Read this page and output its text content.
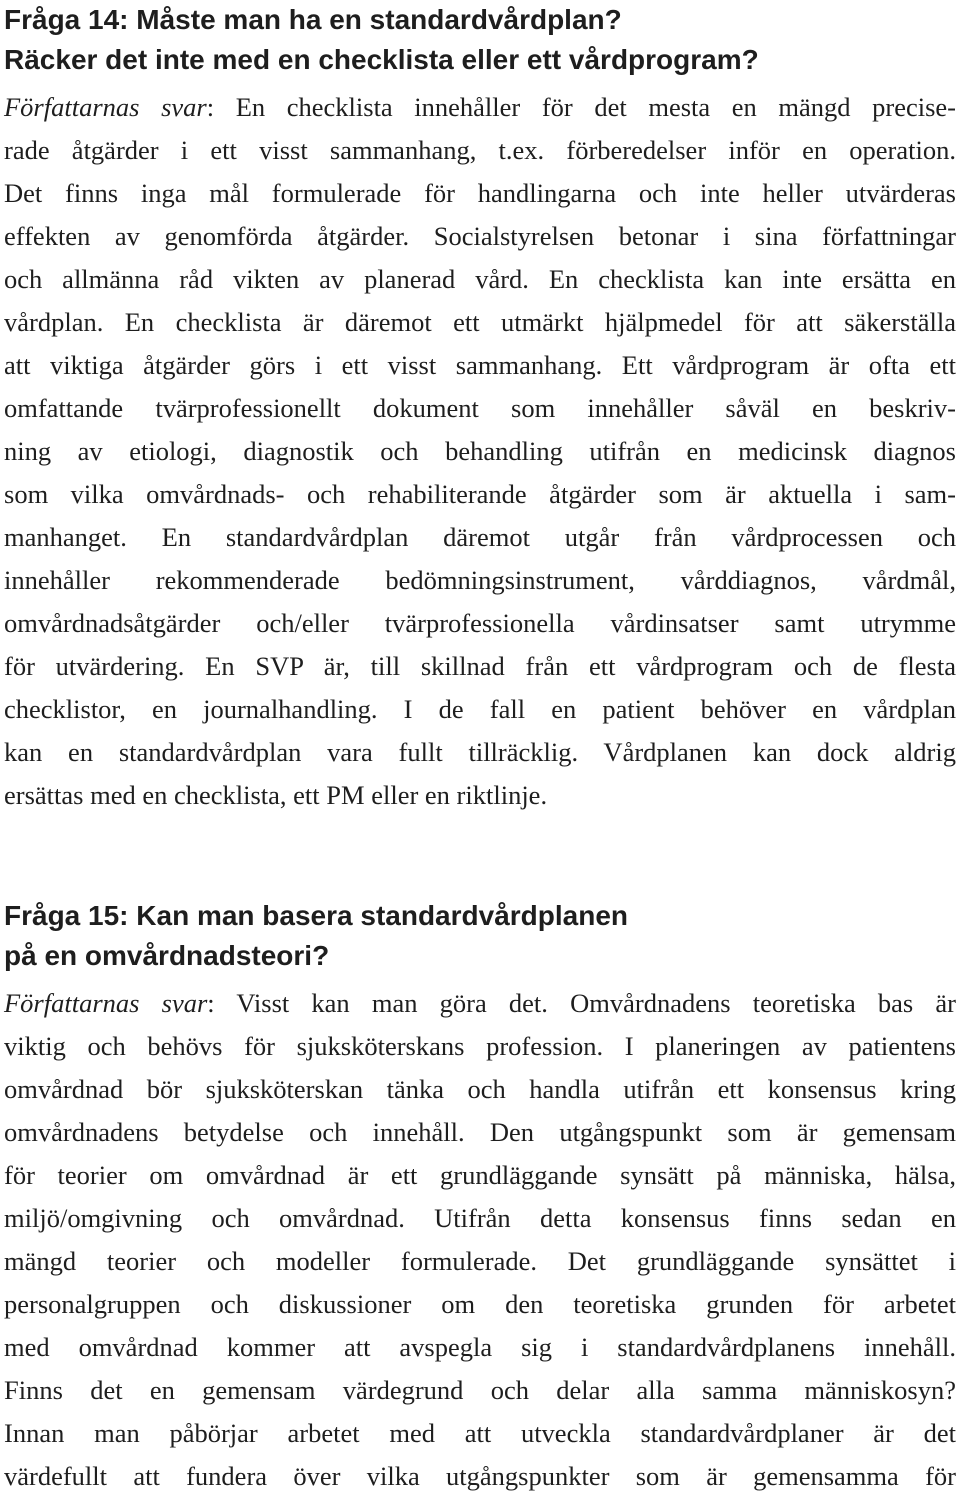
Fråga 14: Måste man ha en standardvårdplan?
Räcker det inte med en checklista eller ett vårdprogram?
Författarnas svar: En checklista innehåller för det mesta en mängd precise-
rade åtgärder i ett visst sammanhang, t.ex. förberedelser inför en operation.
Det finns inga mål formulerade för handlingarna och inte heller utvärderas
effekten av genomförda åtgärder. Socialstyrelsen betonar i sina författningar
och allmänna råd vikten av planerad vård. En checklista kan inte ersätta en
vårdplan. En checklista är däremot ett utmärkt hjälpmedel för att säkerställa
att viktiga åtgärder görs i ett visst sammanhang. Ett vårdprogram är ofta ett
omfattande tvärprofessionellt dokument som innehåller såväl en beskriv-
ning av etiologi, diagnostik och behandling utifrån en medicinsk diagnos
som vilka omvårdnads- och rehabiliterande åtgärder som är aktuella i sam-
manhanget. En standardvårdplan däremot utgår från vårdprocessen och
innehåller rekommenderade bedömningsinstrument, vårddiagnos, vårdmål,
omvårdnadsåtgärder och/eller tvärprofessionella vårdinsatser samt utrymme
för utvärdering. En SVP är, till skillnad från ett vårdprogram och de flesta
checklistor, en journalhandling. I de fall en patient behöver en vårdplan
kan en standardvårdplan vara fullt tillräcklig. Vårdplanen kan dock aldrig
ersättas med en checklista, ett PM eller en riktlinje.
Fråga 15: Kan man basera standardvårdplanen
på en omvårdnadsteori?
Författarnas svar: Visst kan man göra det. Omvårdnadens teoretiska bas är
viktig och behövs för sjuksköterskans profession. I planeringen av patientens
omvårdnad bör sjuksköterskan tänka och handla utifrån ett konsensus kring
omvårdnadens betydelse och innehåll. Den utgångspunkt som är gemensam
för teorier om omvårdnad är ett grundläggande synsätt på människa, hälsa,
miljö/omgivning och omvårdnad. Utifrån detta konsensus finns sedan en
mängd teorier och modeller formulerade. Det grundläggande synsättet i
personalgruppen och diskussioner om den teoretiska grunden för arbetet
med omvårdnad kommer att avspegla sig i standardvårdplanens innehåll.
Finns det en gemensam värdegrund och delar alla samma människosyn?
Innan man påbörjar arbetet med att utveckla standardvårdplaner är det
värdefullt att fundera över vilka utgångspunkter som är gemensamma för
